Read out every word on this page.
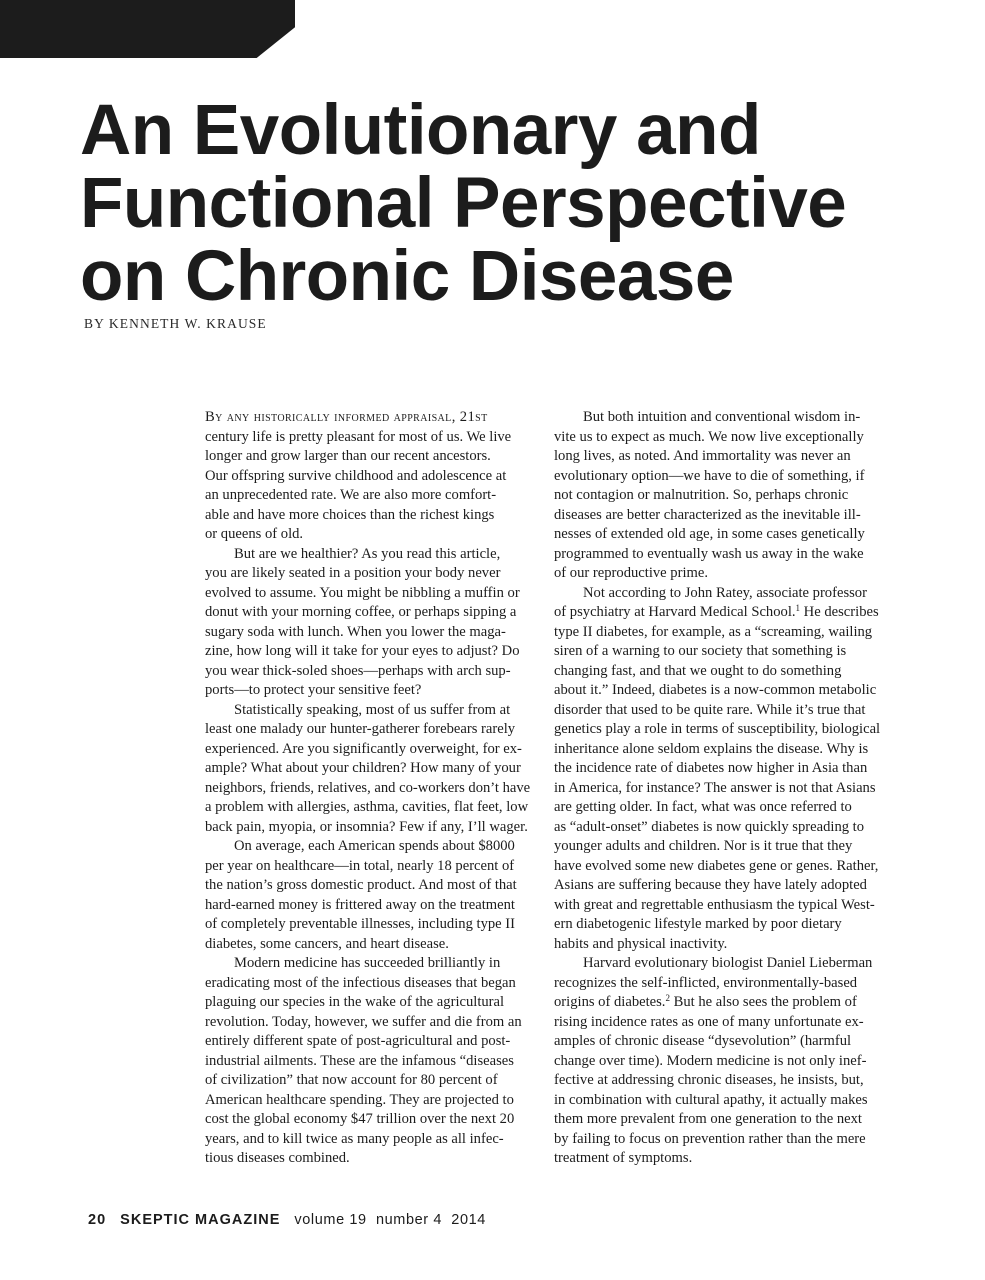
An Evolutionary and
Functional Perspective
on Chronic Disease

BY KENNETH W. KRAUSE

By any historically informed appraisal, 21st
century life is pretty pleasant for most of us. We live
longer and grow larger than our recent ancestors.
Our offspring survive childhood and adolescence at
an unprecedented rate. We are also more comfort-
able and have more choices than the richest kings
or queens of old.
But are we healthier? As you read this article,
you are likely seated in a position your body never
evolved to assume. You might be nibbling a muffin or
donut with your morning coffee, or perhaps sipping a
sugary soda with lunch. When you lower the maga-
zine, how long will it take for your eyes to adjust? Do
you wear thick-soled shoes—perhaps with arch sup-
ports—to protect your sensitive feet?
Statistically speaking, most of us suffer from at
least one malady our hunter-gatherer forebears rarely
experienced. Are you significantly overweight, for ex-
ample? What about your children? How many of your
neighbors, friends, relatives, and co-workers don’t have
a problem with allergies, asthma, cavities, flat feet, low
back pain, myopia, or insomnia? Few if any, I’ll wager.
On average, each American spends about $8000
per year on healthcare—in total, nearly 18 percent of
the nation’s gross domestic product. And most of that
hard-earned money is frittered away on the treatment
of completely preventable illnesses, including type II
diabetes, some cancers, and heart disease.
Modern medicine has succeeded brilliantly in
eradicating most of the infectious diseases that began
plaguing our species in the wake of the agricultural
revolution. Today, however, we suffer and die from an
entirely different spate of post-agricultural and post-
industrial ailments. These are the infamous “diseases
of civilization” that now account for 80 percent of
American healthcare spending. They are projected to
cost the global economy $47 trillion over the next 20
years, and to kill twice as many people as all infec-
tious diseases combined.
But both intuition and conventional wisdom in-
vite us to expect as much. We now live exceptionally
long lives, as noted. And immortality was never an
evolutionary option—we have to die of something, if
not contagion or malnutrition. So, perhaps chronic
diseases are better characterized as the inevitable ill-
nesses of extended old age, in some cases genetically
programmed to eventually wash us away in the wake
of our reproductive prime.
Not according to John Ratey, associate professor
of psychiatry at Harvard Medical School.$^1$ He describes
type II diabetes, for example, as a “screaming, wailing
siren of a warning to our society that something is
changing fast, and that we ought to do something
about it.” Indeed, diabetes is a now-common metabolic
disorder that used to be quite rare. While it’s true that
genetics play a role in terms of susceptibility, biological
inheritance alone seldom explains the disease. Why is
the incidence rate of diabetes now higher in Asia than
in America, for instance? The answer is not that Asians
are getting older. In fact, what was once referred to
as “adult-onset” diabetes is now quickly spreading to
younger adults and children. Nor is it true that they
have evolved some new diabetes gene or genes. Rather,
Asians are suffering because they have lately adopted
with great and regrettable enthusiasm the typical West-
ern diabetogenic lifestyle marked by poor dietary
habits and physical inactivity.
Harvard evolutionary biologist Daniel Lieberman
recognizes the self-inflicted, environmentally-based
origins of diabetes.$^2$ But he also sees the problem of
rising incidence rates as one of many unfortunate ex-
amples of chronic disease “dysevolution” (harmful
change over time). Modern medicine is not only inef-
fective at addressing chronic diseases, he insists, but,
in combination with cultural apathy, it actually makes
them more prevalent from one generation to the next
by failing to focus on prevention rather than the mere
treatment of symptoms.
20 SKEPTIC MAGAZINE volume 19  number 4  2014
